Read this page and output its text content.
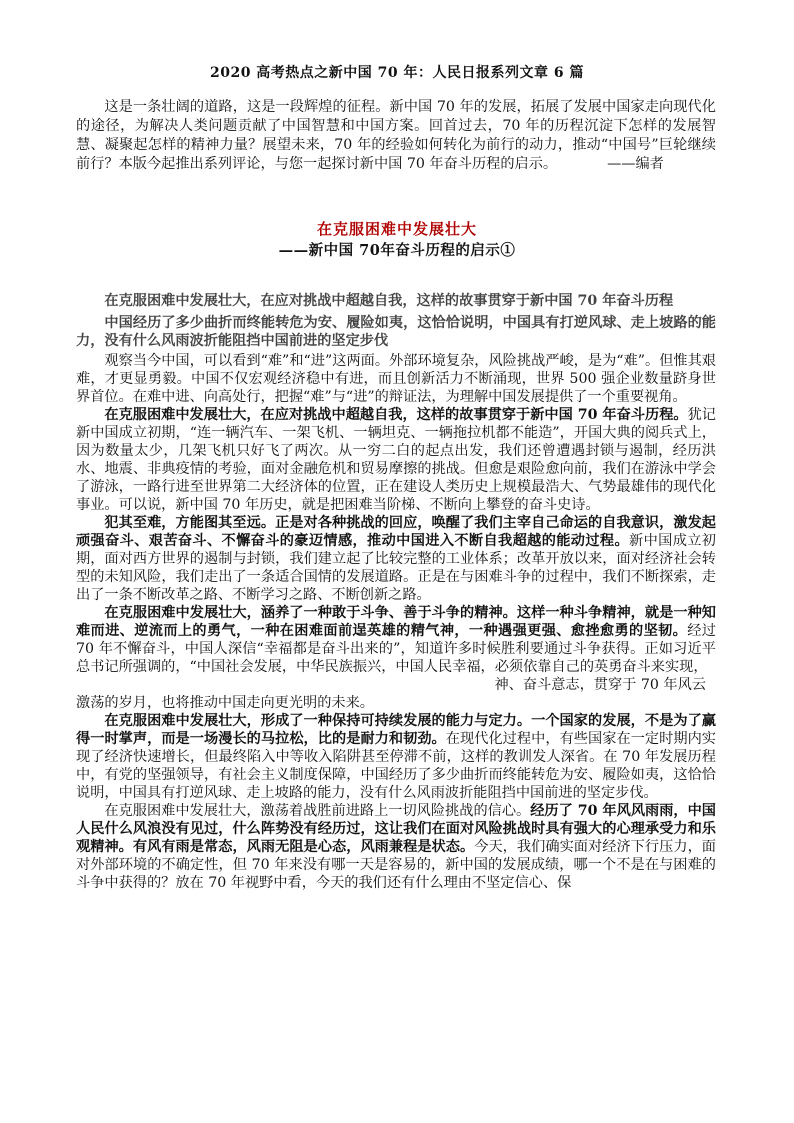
2020 高考热点之新中国 70 年：人民日报系列文章 6 篇
这是一条壮阔的道路，这是一段辉煌的征程。新中国 70 年的发展，拓展了发展中国家走向现代化的途径，为解决人类问题贡献了中国智慧和中国方案。回首过去，70 年的历程沉淀下怎样的发展智慧、凝聚起怎样的精神力量？展望未来，70 年的经验如何转化为前行的动力，推动“中国号”巨轮继续前行？本版今起推出系列评论，与您一起探讨新中国 70 年奋斗历程的启示。	——编者
在克服困难中发展壮大
——新中国 70年奋斗历程的启示①

在克服困难中发展壮大，在应对挑战中超越自我，这样的故事贯穿于新中国 70 年奋斗历程

中国经历了多少曲折而终能转危为安、履险如夷，这恰恰说明，中国具有打逆风球、走上坡路的能力，没有什么风雨波折能阻挡中国前进的坚定步伐

观察当今中国，可以看到“难”和“进”这两面。外部环境复杂，风险挑战严峻，是为“难”。但惟其艰难，才更显勇毅。中国不仅宏观经济稳中有进，而且创新活力不断涌现，世界 500 强企业数量跻身世界首位。在难中进、向高处行，把握“难”与“进”的辩证法，为理解中国发展提供了一个重要视角。

在克服困难中发展壮大，在应对挑战中超越自我，这样的故事贯穿于新中国 70 年奋斗历程。犹记新中国成立初期，“连一辆汽车、一架飞机、一辆坦克、一辆拖拉机都不能造”，开国大典的阅兵式上，因为数量太少，几架飞机只好飞了两次。从一穷二白的起点出发，我们还曾遭遇封锁与遏制，经历洪水、地震、非典疫情的考验，面对金融危机和贸易摩擦的挑战。但愈是艰险愈向前，我们在游泳中学会了游泳，一路行进至世界第二大经济体的位置，正在建设人类历史上规模最浩大、气势最雄伟的现代化事业。可以说，新中国 70 年历史，就是把困难当阶梯、不断向上攀登的奋斗史诗。

犯其至难，方能图其至远。正是对各种挑战的回应，唤醒了我们主宰自己命运的自我意识，激发起顽强奋斗、艰苦奋斗、不懈奋斗的豪迈情感，推动中国进入不断自我超越的能动过程。新中国成立初期，面对西方世界的遏制与封锁，我们建立起了比较完整的工业体系；改革开放以来，面对经济社会转型的未知风险，我们走出了一条适合国情的发展道路。正是在与困难斗争的过程中，我们不断探索，走出了一条不断改革之路、不断学习之路、不断创新之路。

在克服困难中发展壮大，涵养了一种敢于斗争、善于斗争的精神。这样一种斗争精神，就是一种知难而进、逆流而上的勇气，一种在困难面前逞英雄的精气神，一种遇强更强、愈挫愈勇的坚韧。经过 70 年不懈奋斗，中国人深信“幸福都是奋斗出来的”，知道许多时候胜利要通过斗争获得。正如习近平总书记所强调的，“中国社会发展，中华民族振兴，中国人民幸福，必须依靠自己的英勇奋斗来实现，

神、奋斗意志，贯穿于 70 年风云

激荡的岁月，也将推动中国走向更光明的未来。

在克服困难中发展壮大，形成了一种保持可持续发展的能力与定力。一个国家的发展，不是为了赢得一时掌声，而是一场漫长的马拉松，比的是耐力和韧劲。在现代化过程中，有些国家在一定时期内实现了经济快速增长，但最终陷入中等收入陷阱甚至停滞不前，这样的教训发人深省。在 70 年发展历程中，有党的坚强领导，有社会主义制度保障，中国经历了多少曲折而终能转危为安、履险如夷，这恰恰说明，中国具有打逆风球、走上坡路的能力，没有什么风雨波折能阻挡中国前进的坚定步伐。

在克服困难中发展壮大，激荡着战胜前进路上一切风险挑战的信心。经历了 70 年风风雨雨，中国人民什么风浪没有见过，什么阵势没有经历过，这让我们在面对风险挑战时具有强大的心理承受力和乐观精神。有风有雨是常态，风雨无阻是心态，风雨兼程是状态。今天，我们确实面对经济下行压力，面对外部环境的不确定性，但 70 年来没有哪一天是容易的，新中国的发展成绩，哪一个不是在与困难的斗争中获得的？放在 70 年视野中看，今天的我们还有什么理由不坚定信心、保
